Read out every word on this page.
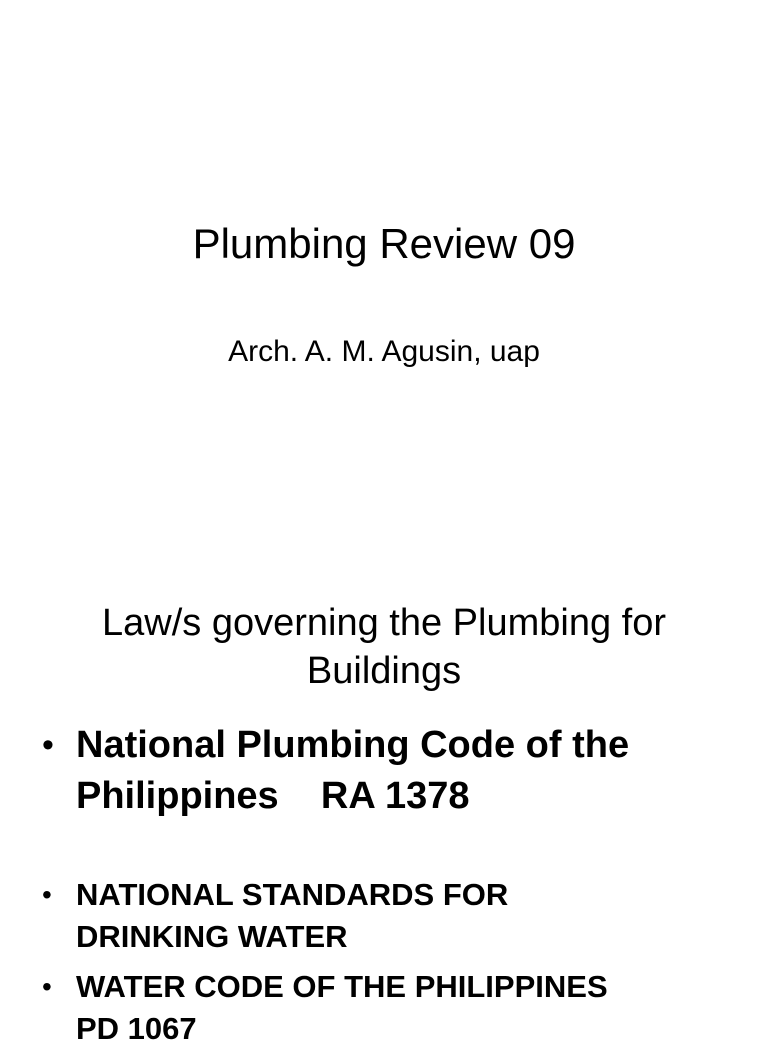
Plumbing Review 09
Arch. A. M. Agusin, uap
Law/s governing the Plumbing for
Buildings
• National Plumbing Code of the
Philippines    RA 1378
• NATIONAL STANDARDS FOR
DRINKING WATER
• WATER CODE OF THE PHILIPPINES
PD 1067
